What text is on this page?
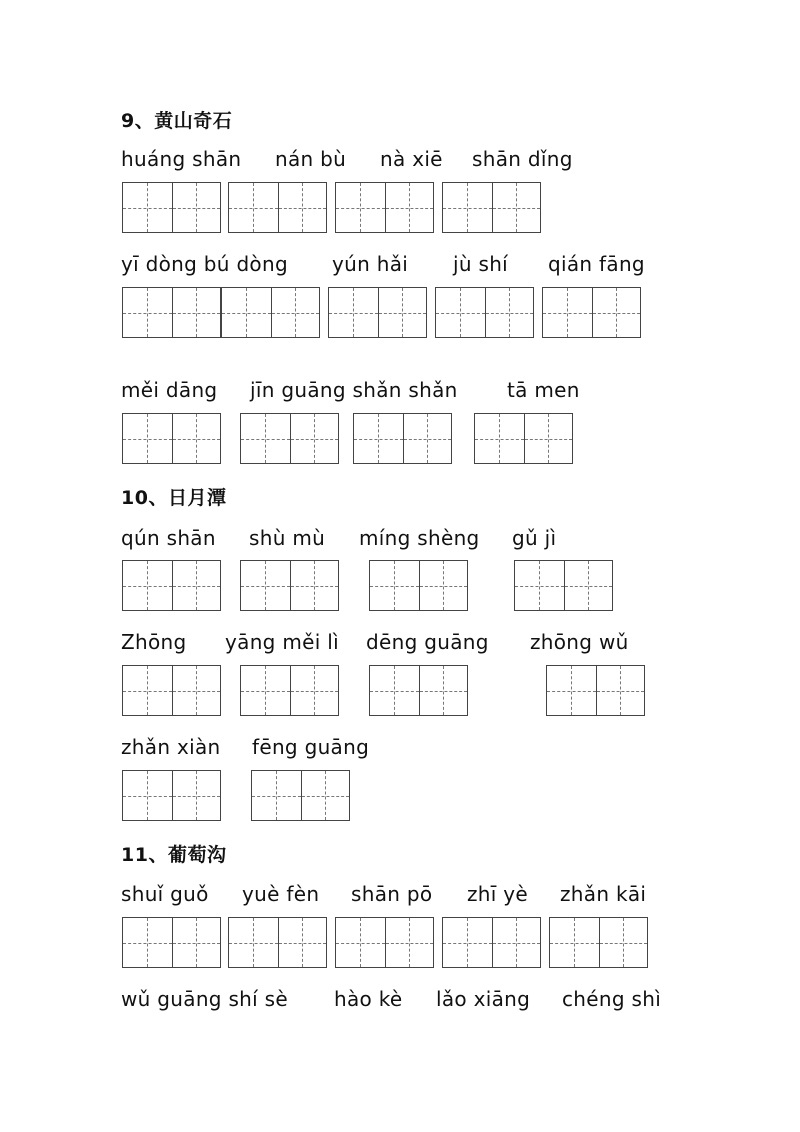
9、黄山奇石
huáng shān nán bù nà xiē shān dǐng
yī dòng bú dòng yún hǎi jù shí qián fāng
měi dāng jīn guāng shǎn shǎn tā men
10、日月潭
qún shān shù mù míng shèng gǔ jì
Zhōng yāng měi lì dēng guāng zhōng wǔ
zhǎn xiàn fēng guāng
11、葡萄沟
shuǐ guǒ yuè fèn shān pō zhī yè zhǎn kāi
wǔ guāng shí sè hào kè lǎo xiāng chéng shì
